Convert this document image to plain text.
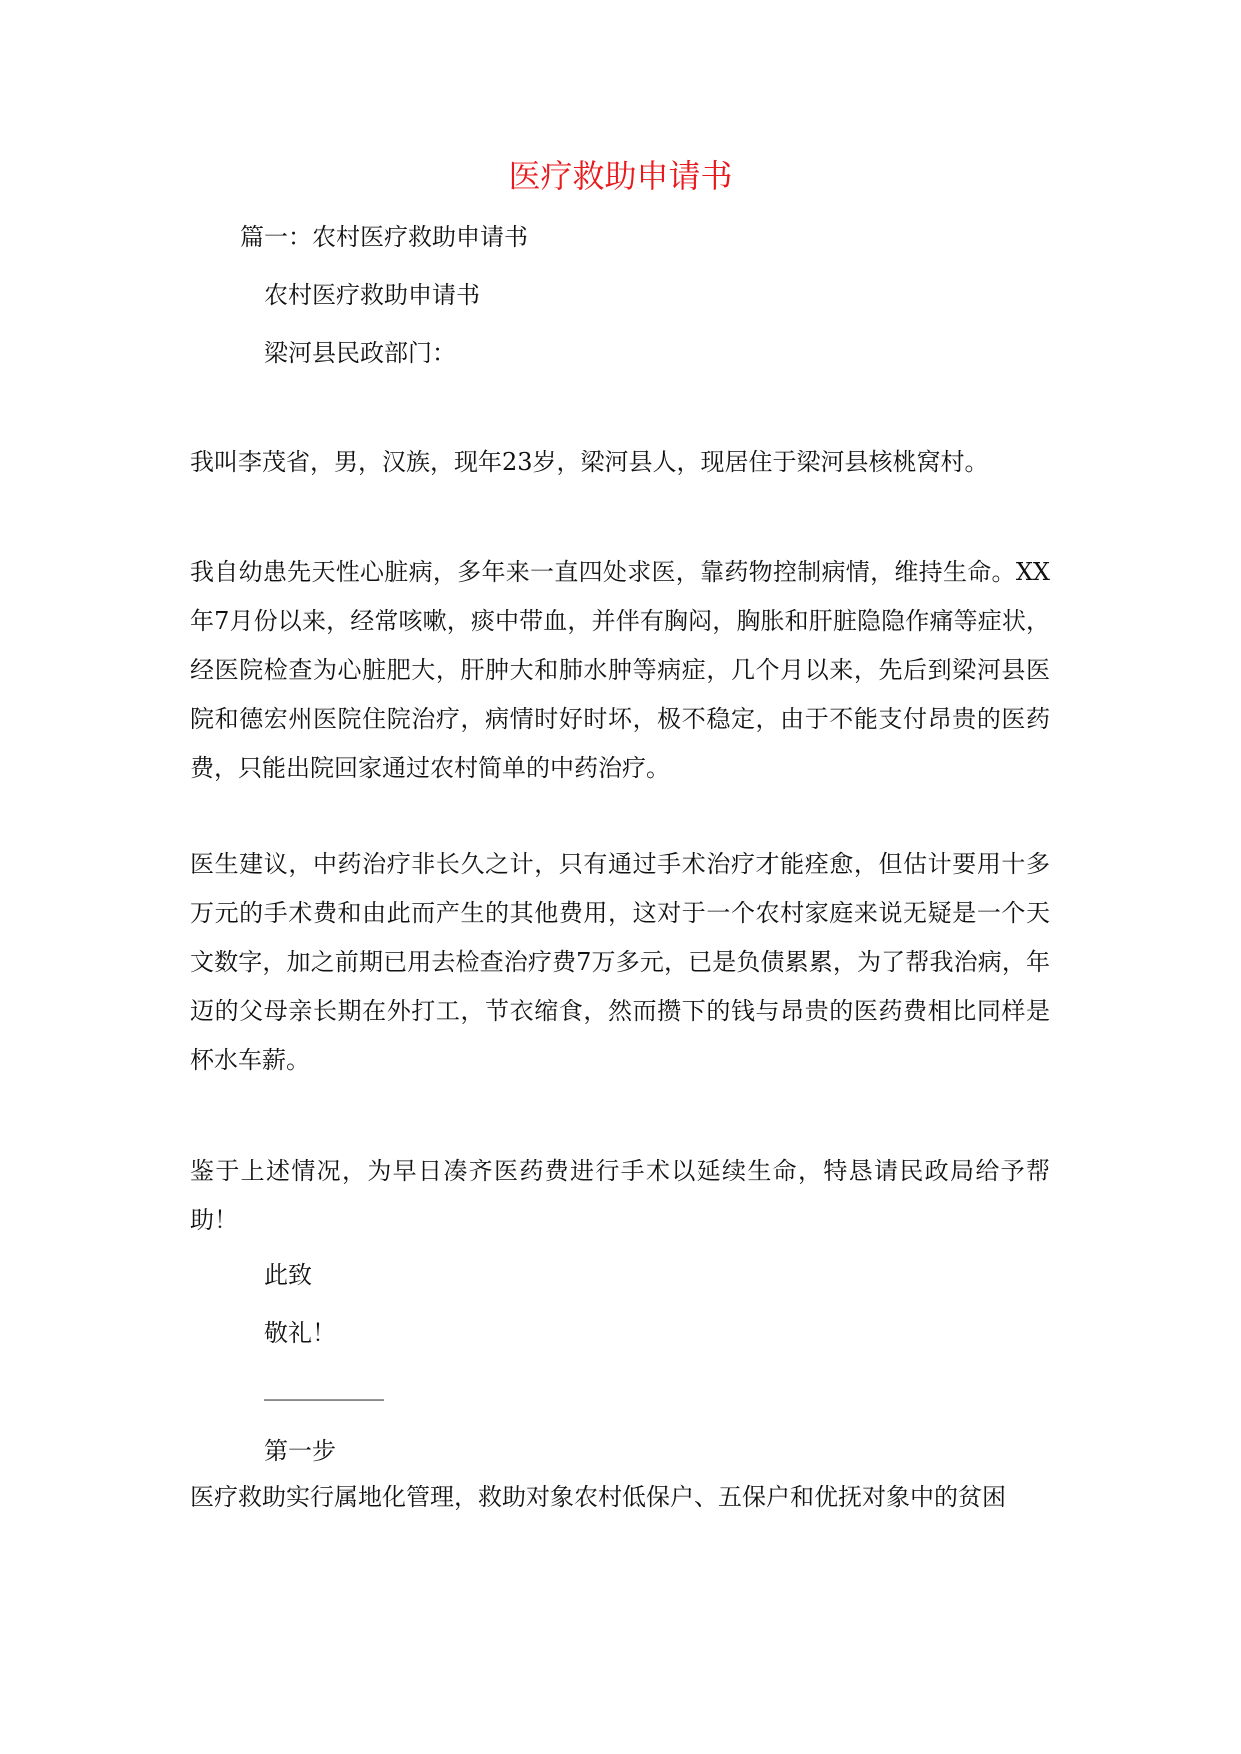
医疗救助申请书

篇一：农村医疗救助申请书

农村医疗救助申请书

梁河县民政部门：

我叫李茂省，男，汉族，现年23岁，梁河县人，现居住于梁河县核桃窝村。

我自幼患先天性心脏病，多年来一直四处求医，靠药物控制病情，维持生命。XX年7月份以来，经常咳嗽，痰中带血，并伴有胸闷，胸胀和肝脏隐隐作痛等症状，经医院检查为心脏肥大，肝肿大和肺水肿等病症，几个月以来，先后到梁河县医院和德宏州医院住院治疗，病情时好时坏，极不稳定，由于不能支付昂贵的医药费，只能出院回家通过农村简单的中药治疗。

医生建议，中药治疗非长久之计，只有通过手术治疗才能痊愈，但估计要用十多万元的手术费和由此而产生的其他费用，这对于一个农村家庭来说无疑是一个天文数字，加之前期已用去检查治疗费7万多元，已是负债累累，为了帮我治病，年迈的父母亲长期在外打工，节衣缩食，然而攒下的钱与昂贵的医药费相比同样是杯水车薪。

鉴于上述情况，为早日凑齐医药费进行手术以延续生命，特恳请民政局给予帮助！

此致

敬礼！

__________

第一步

医疗救助实行属地化管理，救助对象农村低保户、五保户和优抚对象中的贫困
